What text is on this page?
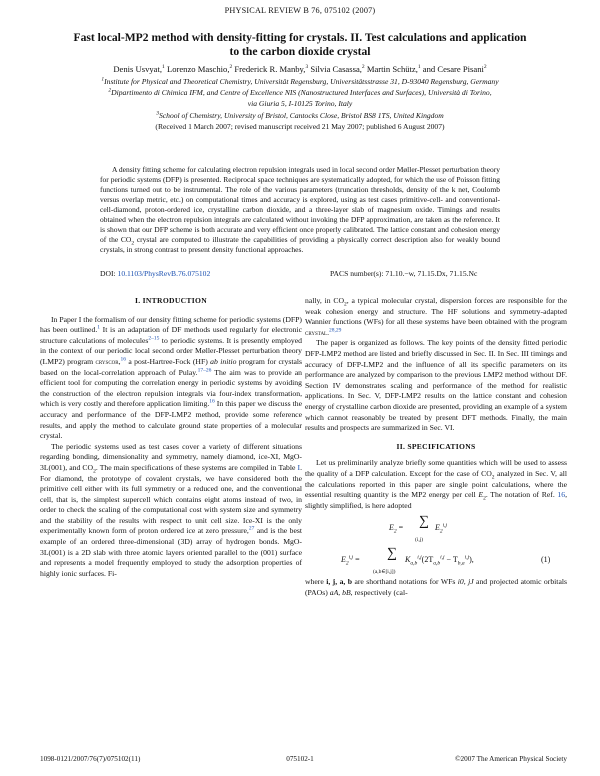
PHYSICAL REVIEW B 76, 075102 (2007)
Fast local-MP2 method with density-fitting for crystals. II. Test calculations and application
to the carbon dioxide crystal
Denis Usvyat,$^1$ Lorenzo Maschio,$^2$ Frederick R. Manby,$^3$ Silvia Casassa,$^2$ Martin Schütz,$^1$ and Cesare Pisani$^2$
$^1$Institute for Physical and Theoretical Chemistry, Universität Regensburg, Universitätsstrasse 31, D-93040 Regensburg, Germany
$^2$Dipartimento di Chimica IFM, and Centre of Excellence NIS (Nanostructured Interfaces and Surfaces), Università di Torino,
via Giuria 5, I-10125 Torino, Italy
$^3$School of Chemistry, University of Bristol, Cantocks Close, Bristol BS8 1TS, United Kingdom
(Received 1 March 2007; revised manuscript received 21 May 2007; published 6 August 2007)
A density fitting scheme for calculating electron repulsion integrals used in local second order Møller-Plesset perturbation theory for periodic systems (DFP) is presented. Reciprocal space techniques are systematically adopted, for which the use of Poisson fitting functions turned out to be instrumental. The role of the various parameters (truncation thresholds, density of the k net, Coulomb versus overlap metric, etc.) on computational times and accuracy is explored, using as test cases primitive-cell- and conventional-cell-diamond, proton-ordered ice, crystalline carbon dioxide, and a three-layer slab of magnesium oxide. Timings and results obtained when the electron repulsion integrals are calculated without invoking the DFP approximation, are taken as the reference. It is shown that our DFP scheme is both accurate and very efficient once properly calibrated. The lattice constant and cohesion energy of the $CO_2$ crystal are computed to illustrate the capabilities of providing a physically correct description also for weakly bound crystals, in strong contrast to present density functional approaches.
DOI: 10.1103/PhysRevB.76.075102	PACS number(s): 71.10.−w, 71.15.Dx, 71.15.Nc
I. INTRODUCTION

In Paper I the formalism of our density fitting scheme for periodic systems (DFP) has been outlined.$^1$ It is an adaptation of DF methods used regularly for electronic structure calculations of molecules$^{2-15}$ to periodic systems. It is presently employed in the context of our periodic local second order Møller-Plesset perturbation theory (LMP2) program cryscor,$^{16}$ a post-Hartree-Fock (HF) ab initio program for crystals based on the local-correlation approach of Pulay.$^{17-26}$ The aim was to provide an efficient tool for computing the correlation energy in periodic systems by avoiding the construction of the electron repulsion integrals via four-index transformation, which is very costly and therefore application limiting.$^{16}$ In this paper we discuss the accuracy and performance of the DFP-LMP2 method, provide some reference results, and apply the method to calculate ground state properties of a molecular crystal.

The periodic systems used as test cases cover a variety of different situations regarding bonding, dimensionality and symmetry, namely diamond, ice-XI, MgO-3L(001), and $CO_2$. The main specifications of these systems are compiled in Table I. For diamond, the prototype of covalent crystals, we have considered both the primitive cell either with its full symmetry or a reduced one, and the conventional cell, that is, the simplest supercell which contains eight atoms instead of two, in order to check the scaling of the computational cost with system size and symmetry and the stability of the results with respect to unit cell size. Ice-XI is the only experimentally known form of proton ordered ice at zero pressure,$^{27}$ and is the best example of an ordered three-dimensional (3D) array of hydrogen bonds. MgO-3L(001) is a 2D slab with three atomic layers oriented parallel to the (001) surface and represents a model frequently employed to study the adsorption properties of highly ionic surfaces. Fi-

nally, in $CO_2$, a typical molecular crystal, dispersion forces are responsible for the weak cohesion energy and structure. The HF solutions and symmetry-adapted Wannier functions (WFs) for all these systems have been obtained with the program crystal.$^{28,29}$

The paper is organized as follows. The key points of the density fitted periodic DFP-LMP2 method are listed and briefly discussed in Sec. II. In Sec. III timings and accuracy of DFP-LMP2 and the influence of all its specific parameters on its performance are analyzed by comparison to the previous LMP2 method without DF. Section IV demonstrates scaling and performance of the method for realistic applications. In Sec. V, DFP-LMP2 results on the lattice constant and cohesion energy of crystalline carbon dioxide are presented, providing an example of a system which cannot reasonably be treated by present DFT methods. Finally, the main results and prospects are summarized in Sec. VI.

II. SPECIFICATIONS

Let us preliminarily analyze briefly some quantities which will be used to assess the quality of a DFP calculation. Except for the case of $CO_2$ analyzed in Sec. V, all the calculations reported in this paper are single point calculations, where the essential resulting quantity is the MP2 energy per cell $E_2$. The notation of Ref. 16, slightly simplified, is here adopted

$E_2$ = ∑
(i,j)
$E_2^{i,j}$
$E_2^{i,j}$ = ∑
(a,b∈[i,j])
$K_{a,b}^{i,j}(2T_{a,b}^{i,j} - T_{b,a}^{i,j})$,	(1)

where i, j, a, b are shorthand notations for WFs i0, jJ and projected atomic orbitals (PAOs) aA, bB, respectively (cal-

1098-0121/2007/76(7)/075102(11)	075102-1	©2007 The American Physical Society
